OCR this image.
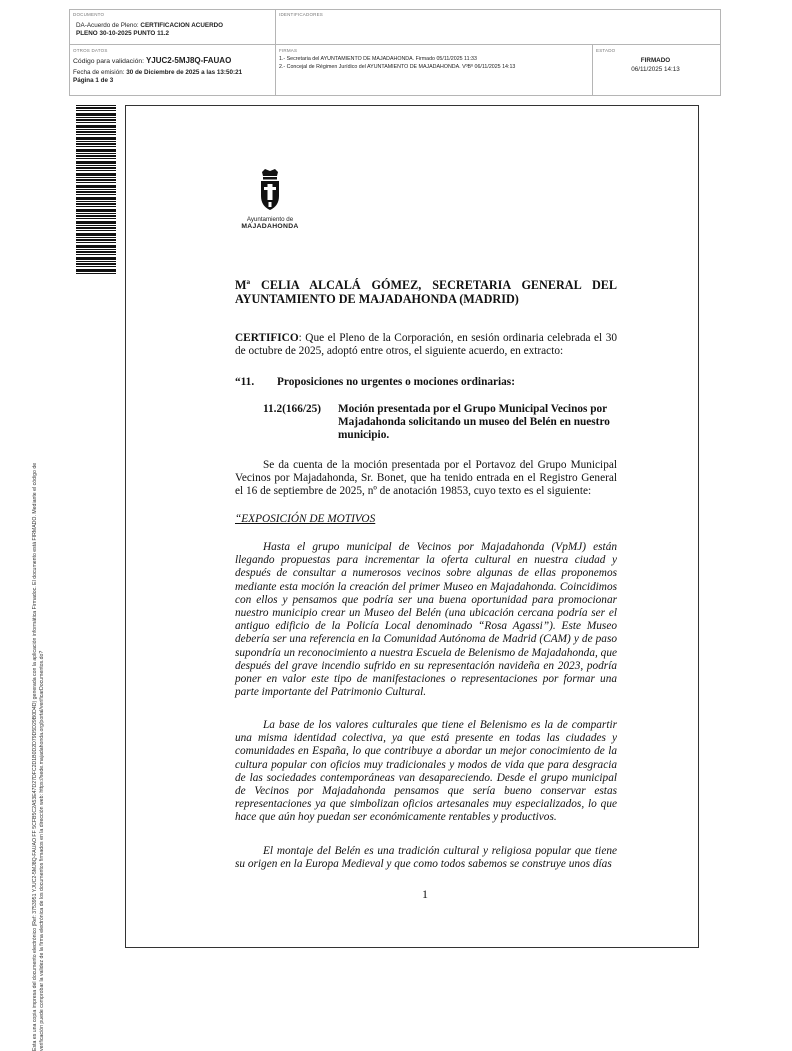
DOCUMENTO
DA-Acuerdo de Pleno: CERTIFICACION ACUERDO
PLENO 30-10-2025 PUNTO 11.2
IDENTIFICADORES
OTROS DATOS
Código para validación: YJUC2-5MJ8Q-FAUAO
Fecha de emisión: 30 de Diciembre de 2025 a las 13:50:21
Página 1 de 3
FIRMAS
1.- Secretaria del AYUNTAMIENTO DE MAJADAHONDA. Firmado 05/11/2025 11:33
2.- Concejal de Régimen Jurídico del AYUNTAMIENTO DE MAJADAHONDA. VºBº 06/11/2025 14:13
ESTADO
FIRMADO
06/11/2025 14:13
Esta es una copia impresa del documento electrónico (Ref: 3753951 YJUC2-5MJ8Q-FAUAO FF 5CFB5C2A53E47D27DFC2D1B0D2D79D5D29B0D4D) generada con la aplicación informática Firmadoc. El documento está FIRMADO. Mediante el código de verificación puede comprobar la validez de la firma electrónica de los documentos firmados en la dirección web: https://sede.majadahonda.org/portal/verificarDocumentos.do?
Ayuntamiento de
MAJADAHONDA
Mª CELIA ALCALÁ GÓMEZ, SECRETARIA GENERAL DEL AYUNTAMIENTO DE MAJADAHONDA (MADRID)
CERTIFICO: Que el Pleno de la Corporación, en sesión ordinaria celebrada el 30 de octubre de 2025, adoptó entre otros, el siguiente acuerdo, en extracto:
“11. Proposiciones no urgentes o mociones ordinarias:
11.2(166/25)	Moción presentada por el Grupo Municipal Vecinos por Majadahonda solicitando un museo del Belén en nuestro municipio.
Se da cuenta de la moción presentada por el Portavoz del Grupo Municipal Vecinos por Majadahonda, Sr. Bonet, que ha tenido entrada en el Registro General el 16 de septiembre de 2025, nº de anotación 19853, cuyo texto es el siguiente:
“EXPOSICIÓN DE MOTIVOS
Hasta el grupo municipal de Vecinos por Majadahonda (VpMJ) están llegando propuestas para incrementar la oferta cultural en nuestra ciudad y después de consultar a numerosos vecinos sobre algunas de ellas proponemos mediante esta moción la creación del primer Museo en Majadahonda. Coincidimos con ellos y pensamos que podría ser una buena oportunidad para promocionar nuestro municipio crear un Museo del Belén (una ubicación cercana podría ser el antiguo edificio de la Policía Local denominado “Rosa Agassi”). Este Museo debería ser una referencia en la Comunidad Autónoma de Madrid (CAM) y de paso supondría un reconocimiento a nuestra Escuela de Belenismo de Majadahonda, que después del grave incendio sufrido en su representación navideña en 2023, podría poner en valor este tipo de manifestaciones o representaciones por formar una parte importante del Patrimonio Cultural.
La base de los valores culturales que tiene el Belenismo es la de compartir una misma identidad colectiva, ya que está presente en todas las ciudades y comunidades en España, lo que contribuye a abordar un mejor conocimiento de la cultura popular con oficios muy tradicionales y modos de vida que para desgracia de las sociedades contemporáneas van desapareciendo. Desde el grupo municipal de Vecinos por Majadahonda pensamos que sería bueno conservar estas representaciones ya que simbolizan oficios artesanales muy especializados, lo que hace que aún hoy puedan ser económicamente rentables y productivos.
El montaje del Belén es una tradición cultural y religiosa popular que tiene su origen en la Europa Medieval y que como todos sabemos se construye unos días
1
